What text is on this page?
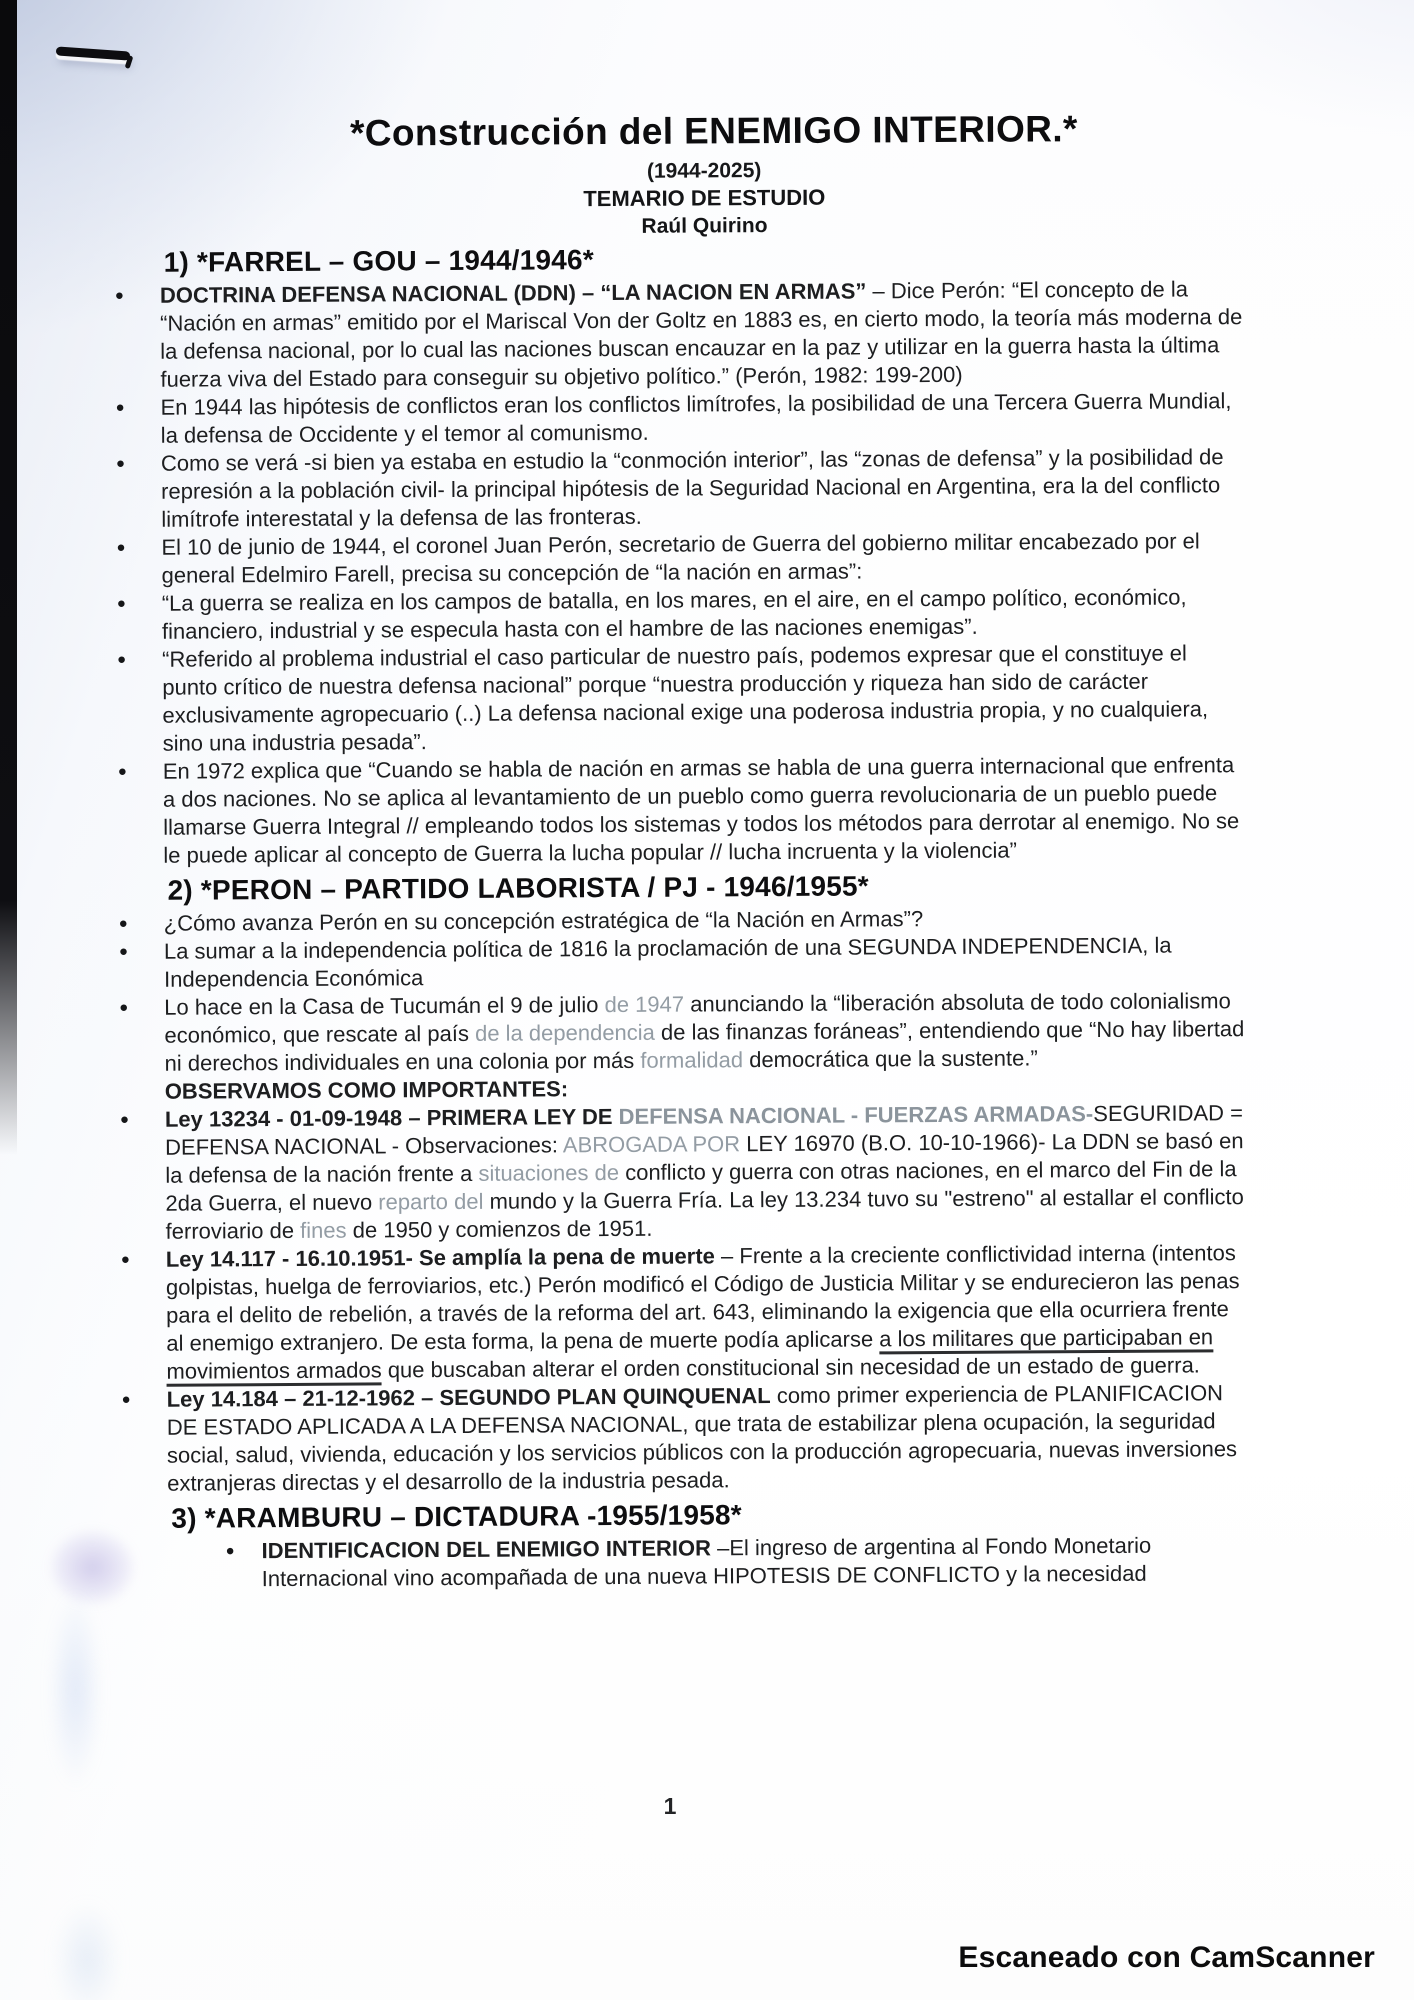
*Construcción del ENEMIGO INTERIOR.*
(1944-2025)
TEMARIO DE ESTUDIO
Raúl Quirino
1) *FARREL – GOU – 1944/1946*
●	DOCTRINA DEFENSA NACIONAL (DDN) – “LA NACION EN ARMAS” – Dice Perón: “El concepto de la “Nación en armas” emitido por el Mariscal Von der Goltz en 1883 es, en cierto modo, la teoría más moderna de la defensa nacional, por lo cual las naciones buscan encauzar en la paz y utilizar en la guerra hasta la última fuerza viva del Estado para conseguir su objetivo político.” (Perón, 1982: 199-200)
●	En 1944 las hipótesis de conflictos eran los conflictos limítrofes, la posibilidad de una Tercera Guerra Mundial, la defensa de Occidente y el temor al comunismo.
●	Como se verá -si bien ya estaba en estudio la “conmoción interior”, las “zonas de defensa” y la posibilidad de represión a la población civil- la principal hipótesis de la Seguridad Nacional en Argentina, era la del conflicto limítrofe interestatal y la defensa de las fronteras.
●	El 10 de junio de 1944, el coronel Juan Perón, secretario de Guerra del gobierno militar encabezado por el general Edelmiro Farell, precisa su concepción de “la nación en armas”:
●	“La guerra se realiza en los campos de batalla, en los mares, en el aire, en el campo político, económico, financiero, industrial y se especula hasta con el hambre de las naciones enemigas”.
●	“Referido al problema industrial el caso particular de nuestro país, podemos expresar que el constituye el punto crítico de nuestra defensa nacional” porque “nuestra producción y riqueza han sido de carácter exclusivamente agropecuario (..) La defensa nacional exige una poderosa industria propia, y no cualquiera, sino una industria pesada”.
●	En 1972 explica que “Cuando se habla de nación en armas se habla de una guerra internacional que enfrenta a dos naciones. No se aplica al levantamiento de un pueblo como guerra revolucionaria de un pueblo puede llamarse Guerra Integral // empleando todos los sistemas y todos los métodos para derrotar al enemigo. No se le puede aplicar al concepto de Guerra la lucha popular // lucha incruenta y la violencia”
2) *PERON – PARTIDO LABORISTA / PJ - 1946/1955*
●	¿Cómo avanza Perón en su concepción estratégica de “la Nación en Armas”?
●	La sumar a la independencia política de 1816 la proclamación de una SEGUNDA INDEPENDENCIA, la Independencia Económica
●	Lo hace en la Casa de Tucumán el 9 de julio de 1947 anunciando la “liberación absoluta de todo colonialismo económico, que rescate al país de la dependencia de las finanzas foráneas”, entendiendo que “No hay libertad ni derechos individuales en una colonia por más formalidad democrática que la sustente.”
OBSERVAMOS COMO IMPORTANTES:
●	Ley 13234 - 01-09-1948 – PRIMERA LEY DE DEFENSA NACIONAL - FUERZAS ARMADAS-SEGURIDAD = DEFENSA NACIONAL - Observaciones: ABROGADA POR LEY 16970 (B.O. 10-10-1966)- La DDN se basó en la defensa de la nación frente a situaciones de conflicto y guerra con otras naciones, en el marco del Fin de la 2da Guerra, el nuevo reparto del mundo y la Guerra Fría. La ley 13.234 tuvo su "estreno" al estallar el conflicto ferroviario de fines de 1950 y comienzos de 1951.
●	Ley 14.117 - 16.10.1951- Se amplía la pena de muerte – Frente a la creciente conflictividad interna (intentos golpistas, huelga de ferroviarios, etc.) Perón modificó el Código de Justicia Militar y se endurecieron las penas para el delito de rebelión, a través de la reforma del art. 643, eliminando la exigencia que ella ocurriera frente al enemigo extranjero. De esta forma, la pena de muerte podía aplicarse a los militares que participaban en movimientos armados que buscaban alterar el orden constitucional sin necesidad de un estado de guerra.
●	Ley 14.184 – 21-12-1962 – SEGUNDO PLAN QUINQUENAL como primer experiencia de PLANIFICACION DE ESTADO APLICADA A LA DEFENSA NACIONAL, que trata de estabilizar plena ocupación, la seguridad social, salud, vivienda, educación y los servicios públicos con la producción agropecuaria, nuevas inversiones extranjeras directas y el desarrollo de la industria pesada.
3) *ARAMBURU – DICTADURA -1955/1958*
●	IDENTIFICACION DEL ENEMIGO INTERIOR –El ingreso de argentina al Fondo Monetario Internacional vino acompañada de una nueva HIPOTESIS DE CONFLICTO y la necesidad
1
Escaneado con CamScanner
